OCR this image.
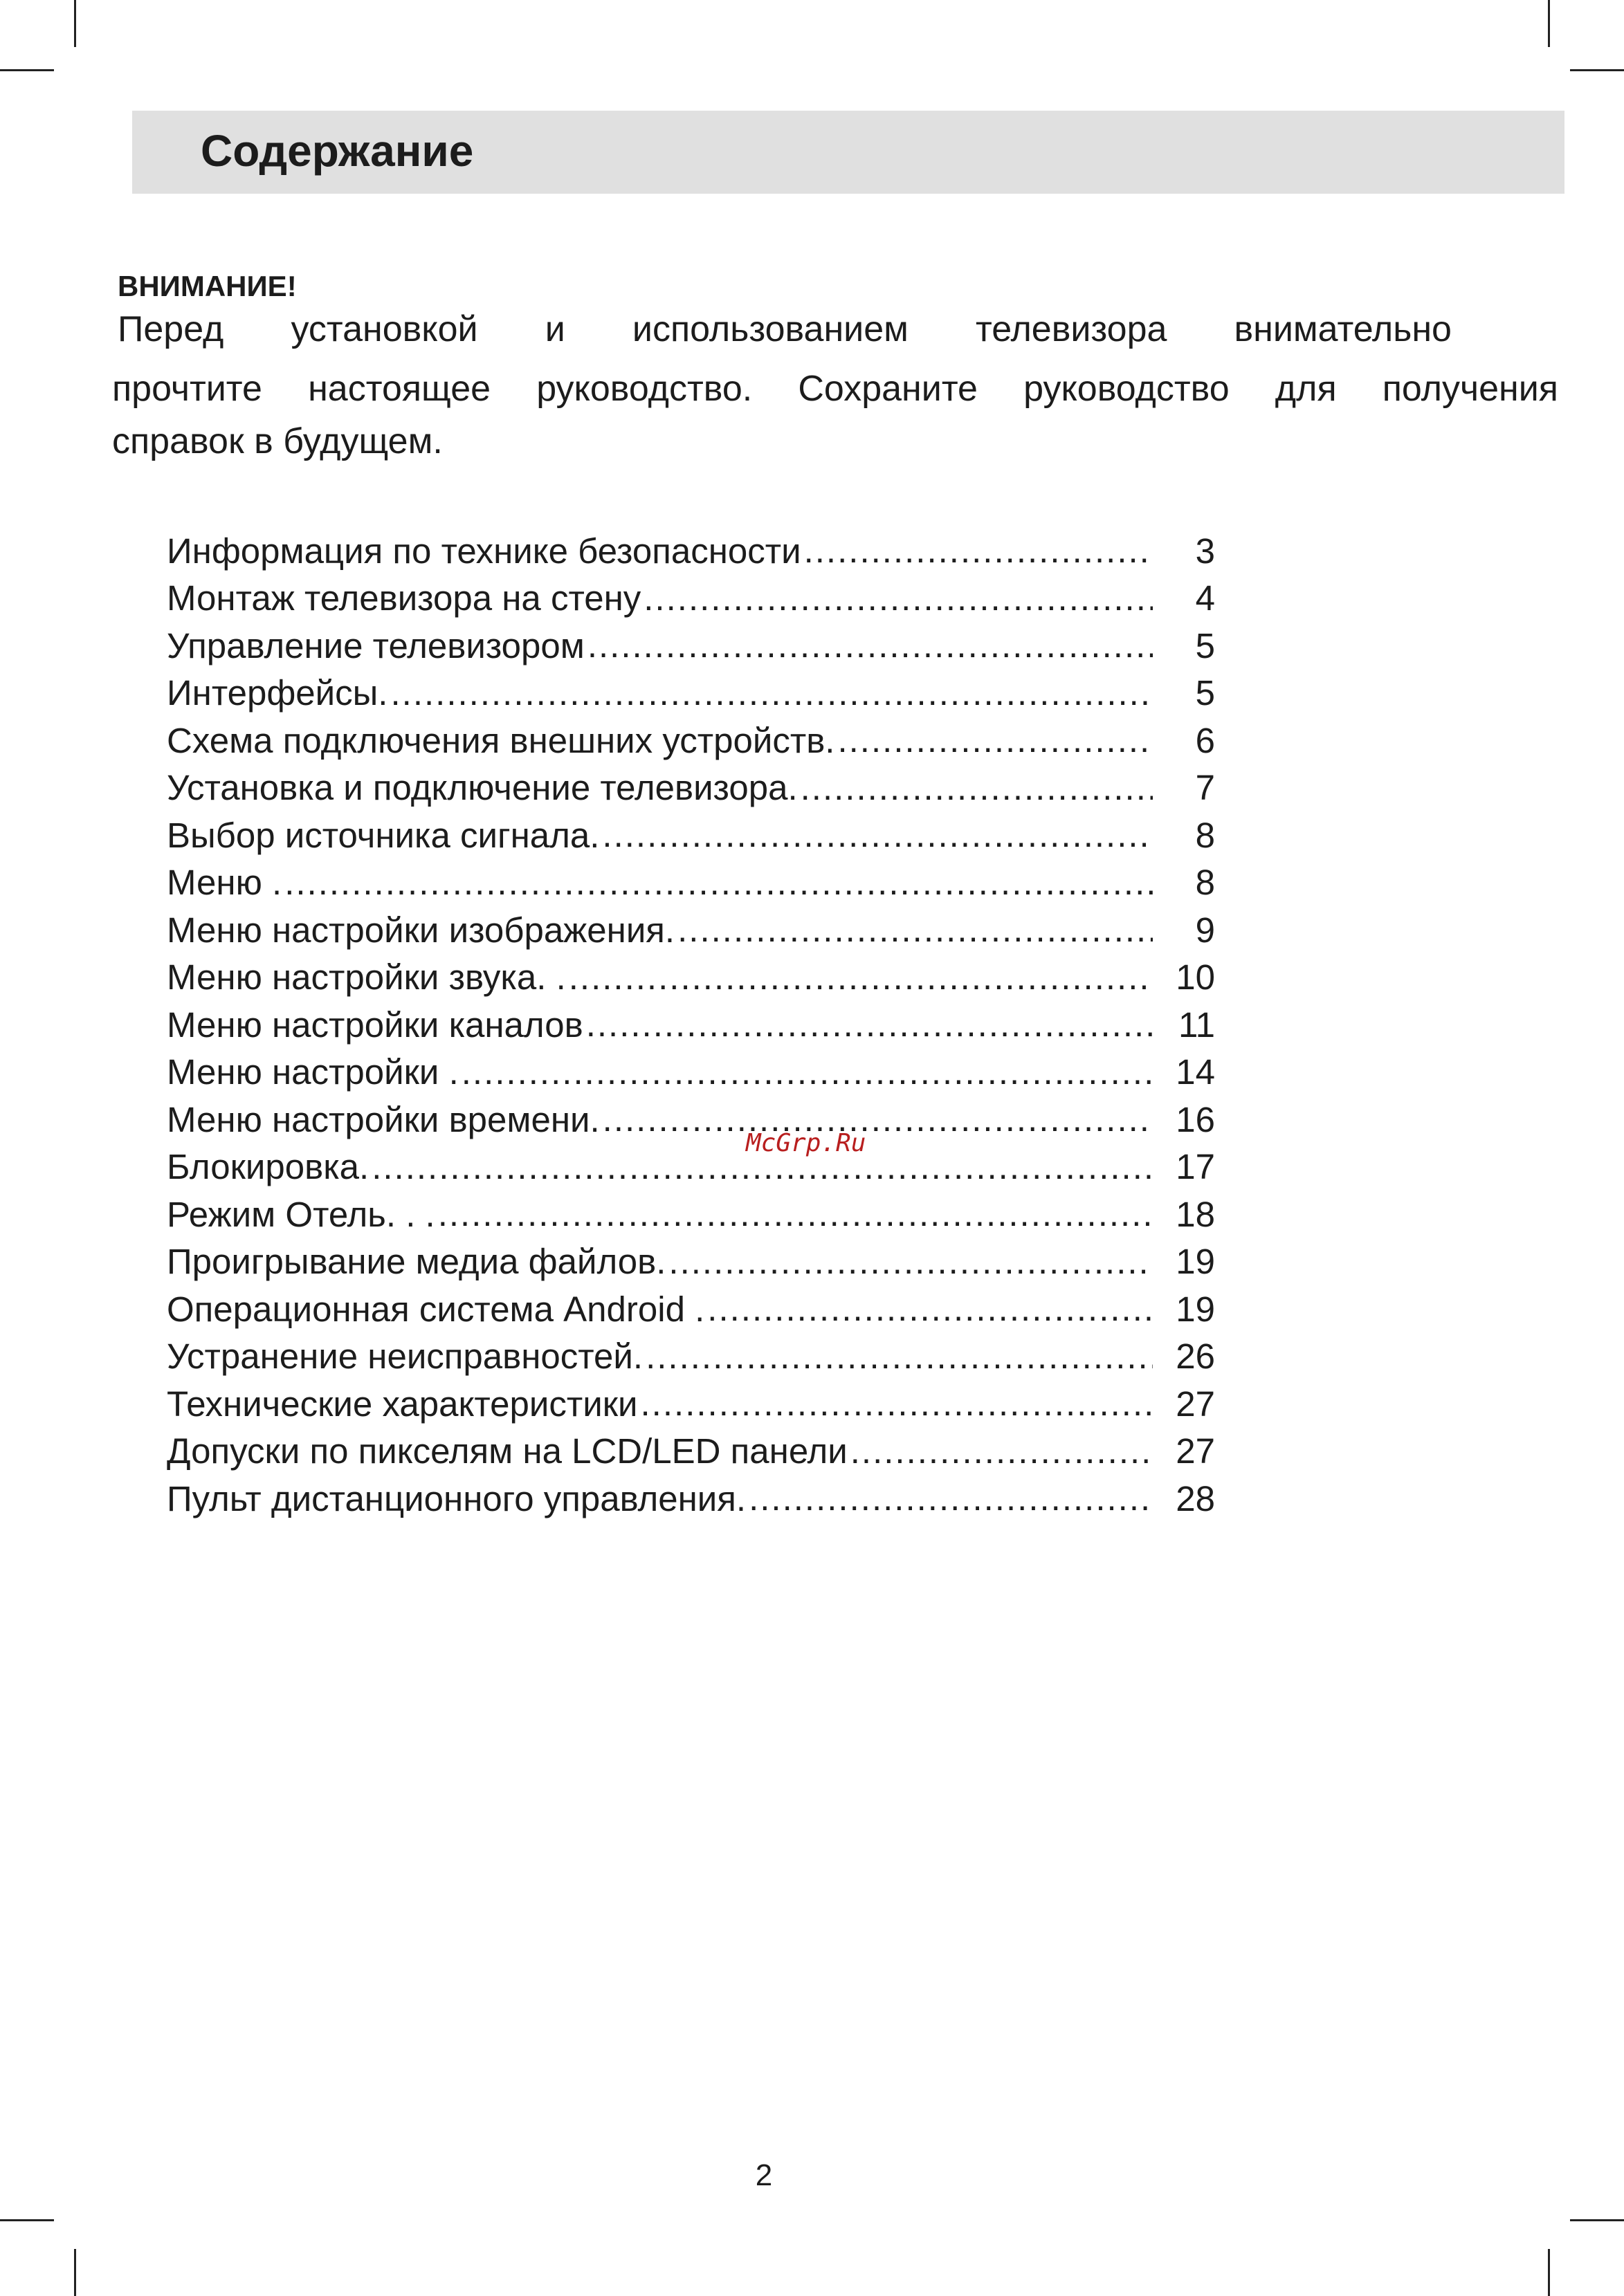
Содержание
ВНИМАНИЕ!
Перед установкой и использованием телевизора внимательно
прочтите настоящее руководство. Сохраните руководство для получения
справок в будущем.
Информация по технике безопасности .....	3
Монтаж телевизора на стену .....	4
Управление телевизором .....	5
Интерфейсы. .....	5
Схема подключения внешних устройств. .....	6
Установка и подключение телевизора. .....	7
Выбор источника сигнала. .....	8
Меню . .....	8
Меню настройки изображения. .....	9
Меню настройки звука. . .....	10
Меню настройки каналов .....	11
Меню настройки . .....	14
Меню настройки времени. .....	16
Блокировка. .....	17
Режим Отель. . . .....	18
Проигрывание медиа файлов. .....	19
Операционная система Android . .....	19
Устранение неисправностей. .....	26
Технические характеристики .....	27
Допуски по пикселям на LCD/LED панели .....	27
Пульт дистанционного управления. .....	28
McGrp.Ru
2
